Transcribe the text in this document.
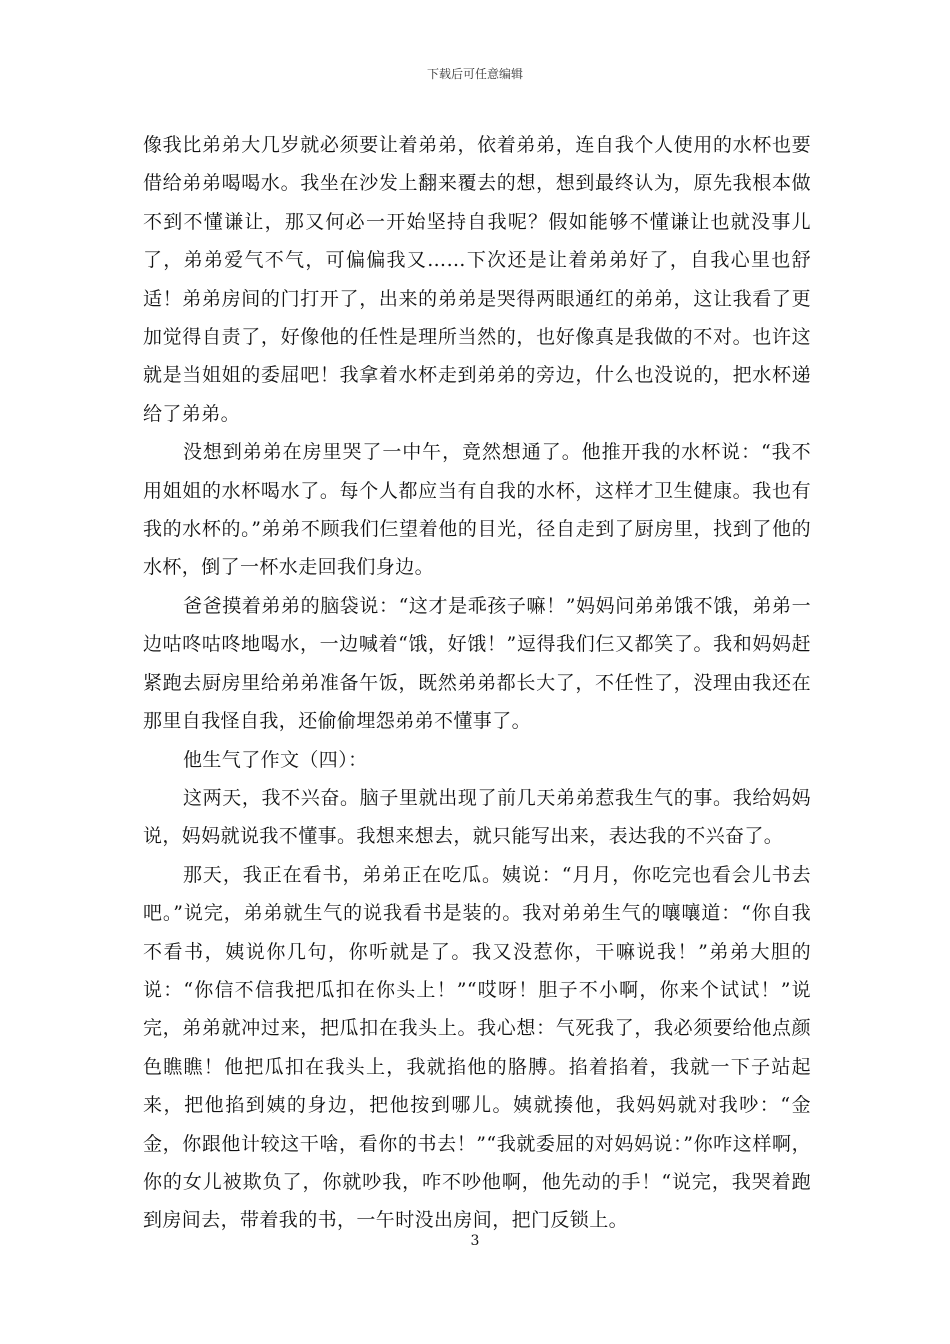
下载后可任意编辑

像我比弟弟大几岁就必须要让着弟弟，依着弟弟，连自我个人使用的水杯也要借给弟弟喝喝水。我坐在沙发上翻来覆去的想，想到最终认为，原先我根本做不到不懂谦让，那又何必一开始坚持自我呢？假如能够不懂谦让也就没事儿了，弟弟爱气不气，可偏偏我又……下次还是让着弟弟好了，自我心里也舒适！弟弟房间的门打开了，出来的弟弟是哭得两眼通红的弟弟，这让我看了更加觉得自责了，好像他的任性是理所当然的，也好像真是我做的不对。也许这就是当姐姐的委屈吧！我拿着水杯走到弟弟的旁边，什么也没说的，把水杯递给了弟弟。

没想到弟弟在房里哭了一中午，竟然想通了。他推开我的水杯说：“我不用姐姐的水杯喝水了。每个人都应当有自我的水杯，这样才卫生健康。我也有我的水杯的。”弟弟不顾我们仨望着他的目光，径自走到了厨房里，找到了他的水杯，倒了一杯水走回我们身边。

爸爸摸着弟弟的脑袋说：“这才是乖孩子嘛！”妈妈问弟弟饿不饿，弟弟一边咕咚咕咚地喝水，一边喊着“饿，好饿！”逗得我们仨又都笑了。我和妈妈赶紧跑去厨房里给弟弟准备午饭，既然弟弟都长大了，不任性了，没理由我还在那里自我怪自我，还偷偷埋怨弟弟不懂事了。

他生气了作文（四）：

这两天，我不兴奋。脑子里就出现了前几天弟弟惹我生气的事。我给妈妈说，妈妈就说我不懂事。我想来想去，就只能写出来，表达我的不兴奋了。

那天，我正在看书，弟弟正在吃瓜。姨说：“月月，你吃完也看会儿书去吧。”说完，弟弟就生气的说我看书是装的。我对弟弟生气的嚷嚷道：“你自我不看书，姨说你几句，你听就是了。我又没惹你，干嘛说我！”弟弟大胆的说：“你信不信我把瓜扣在你头上！”“哎呀！胆子不小啊，你来个试试！”说完，弟弟就冲过来，把瓜扣在我头上。我心想：气死我了，我必须要给他点颜色瞧瞧！他把瓜扣在我头上，我就掐他的胳膊。掐着掐着，我就一下子站起来，把他掐到姨的身边，把他按到哪儿。姨就揍他，我妈妈就对我吵：“金金，你跟他计较这干啥，看你的书去！”“我就委屈的对妈妈说：”你咋这样啊，你的女儿被欺负了，你就吵我，咋不吵他啊，他先动的手！“说完，我哭着跑到房间去，带着我的书，一午时没出房间，把门反锁上。

3
